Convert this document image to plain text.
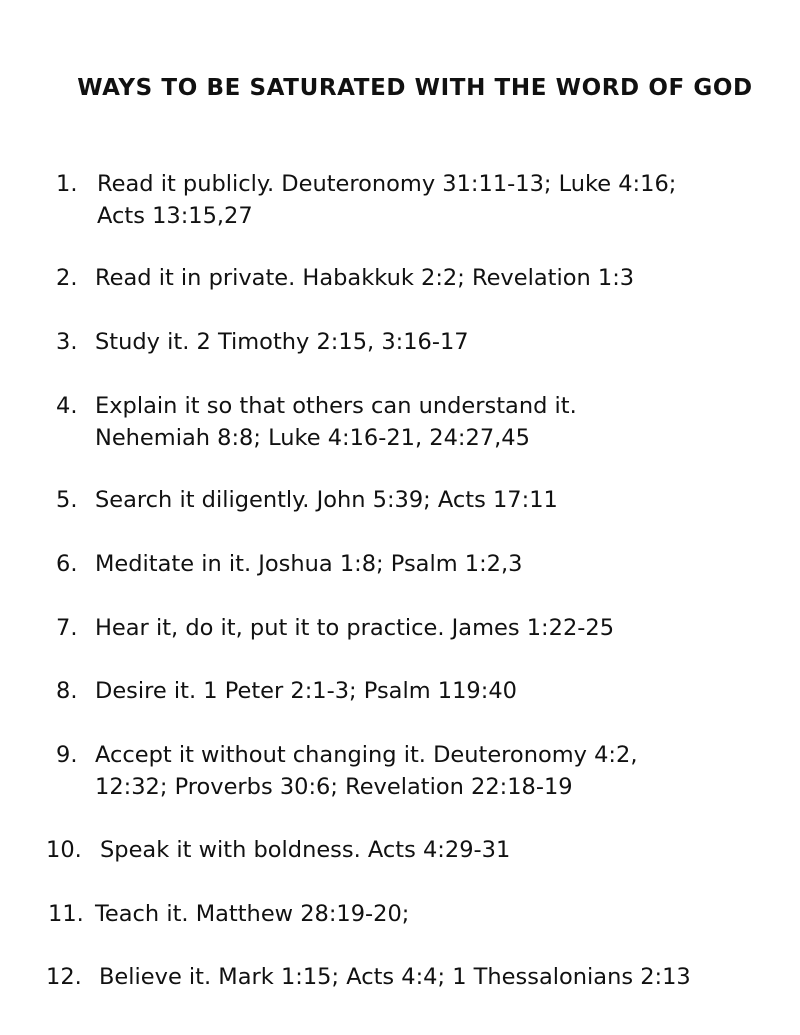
WAYS TO BE SATURATED WITH THE WORD OF GOD
1. Read it publicly. Deuteronomy 31:11-13; Luke 4:16;
Acts 13:15,27
2. Read it in private. Habakkuk 2:2; Revelation 1:3
3. Study it. 2 Timothy 2:15, 3:16-17
4. Explain it so that others can understand it.
Nehemiah 8:8; Luke 4:16-21, 24:27,45
5. Search it diligently. John 5:39; Acts 17:11
6. Meditate in it. Joshua 1:8; Psalm 1:2,3
7. Hear it, do it, put it to practice. James 1:22-25
8. Desire it. 1 Peter 2:1-3; Psalm 119:40
9. Accept it without changing it. Deuteronomy 4:2,
12:32; Proverbs 30:6; Revelation 22:18-19
10. Speak it with boldness. Acts 4:29-31
11. Teach it. Matthew 28:19-20;
12. Believe it. Mark 1:15; Acts 4:4; 1 Thessalonians 2:13
